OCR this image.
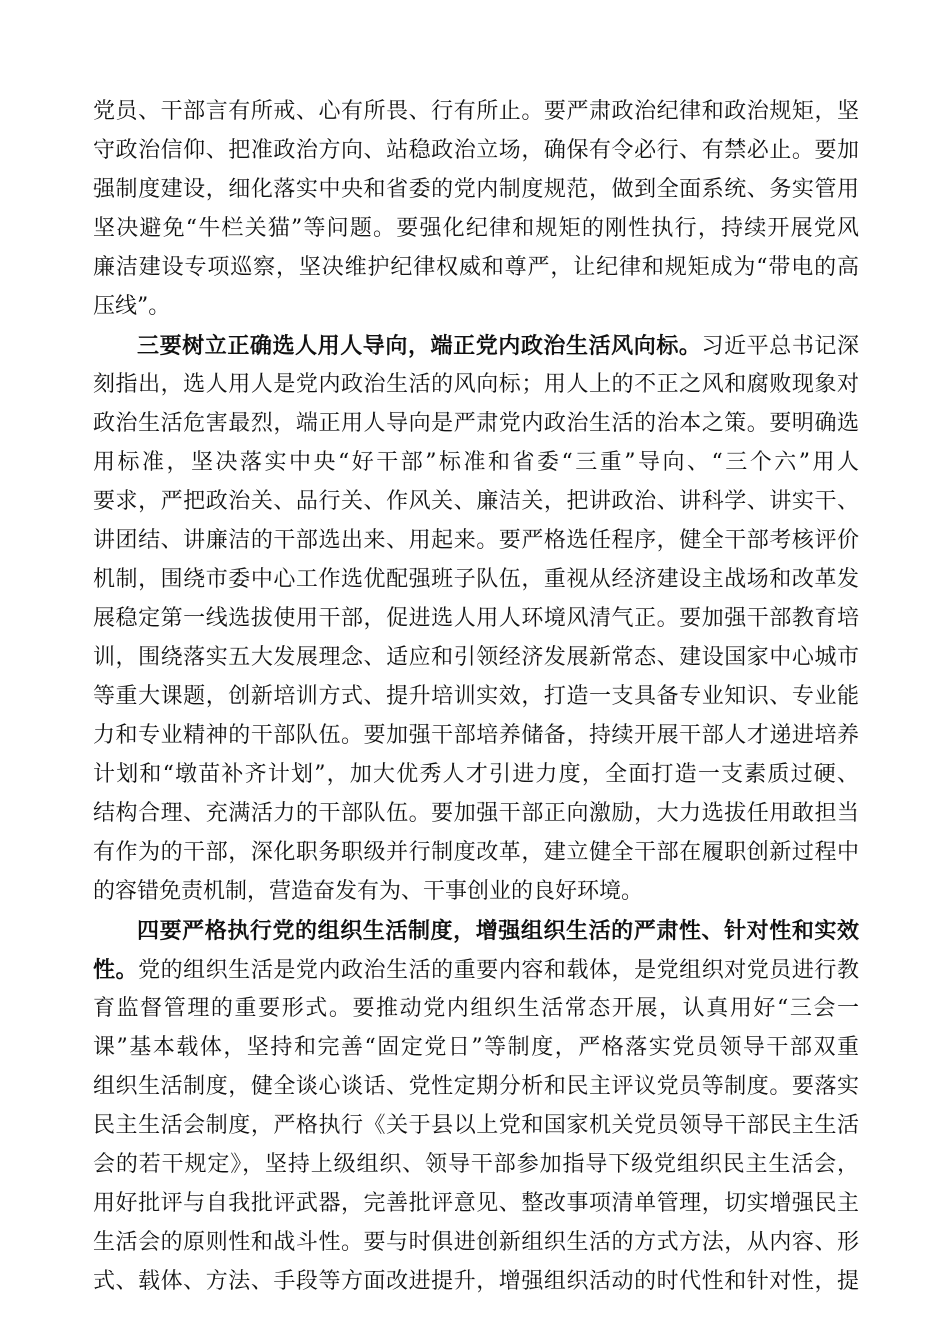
党员、干部言有所戒、心有所畏、行有所止。要严肃政治纪律和政治规矩，坚
守政治信仰、把准政治方向、站稳政治立场，确保有令必行、有禁必止。要加
强制度建设，细化落实中央和省委的党内制度规范，做到全面系统、务实管用
坚决避免“牛栏关猫”等问题。要强化纪律和规矩的刚性执行，持续开展党风
廉洁建设专项巡察，坚决维护纪律权威和尊严，让纪律和规矩成为“带电的高
压线”。
三要树立正确选人用人导向，端正党内政治生活风向标。习近平总书记深
刻指出，选人用人是党内政治生活的风向标；用人上的不正之风和腐败现象对
政治生活危害最烈，端正用人导向是严肃党内政治生活的治本之策。要明确选
用标准，坚决落实中央“好干部”标准和省委“三重”导向、“三个六”用人
要求，严把政治关、品行关、作风关、廉洁关，把讲政治、讲科学、讲实干、
讲团结、讲廉洁的干部选出来、用起来。要严格选任程序，健全干部考核评价
机制，围绕市委中心工作选优配强班子队伍，重视从经济建设主战场和改革发
展稳定第一线选拔使用干部，促进选人用人环境风清气正。要加强干部教育培
训，围绕落实五大发展理念、适应和引领经济发展新常态、建设国家中心城市
等重大课题，创新培训方式、提升培训实效，打造一支具备专业知识、专业能
力和专业精神的干部队伍。要加强干部培养储备，持续开展干部人才递进培养
计划和“墩苗补齐计划”，加大优秀人才引进力度，全面打造一支素质过硬、
结构合理、充满活力的干部队伍。要加强干部正向激励，大力选拔任用敢担当
有作为的干部，深化职务职级并行制度改革，建立健全干部在履职创新过程中
的容错免责机制，营造奋发有为、干事创业的良好环境。
四要严格执行党的组织生活制度，增强组织生活的严肃性、针对性和实效
性。党的组织生活是党内政治生活的重要内容和载体，是党组织对党员进行教
育监督管理的重要形式。要推动党内组织生活常态开展，认真用好“三会一
课”基本载体，坚持和完善“固定党日”等制度，严格落实党员领导干部双重
组织生活制度，健全谈心谈话、党性定期分析和民主评议党员等制度。要落实
民主生活会制度，严格执行《关于县以上党和国家机关党员领导干部民主生活
会的若干规定》，坚持上级组织、领导干部参加指导下级党组织民主生活会，
用好批评与自我批评武器，完善批评意见、整改事项清单管理，切实增强民主
生活会的原则性和战斗性。要与时俱进创新组织生活的方式方法，从内容、形
式、载体、方法、手段等方面改进提升，增强组织活动的时代性和针对性，提
